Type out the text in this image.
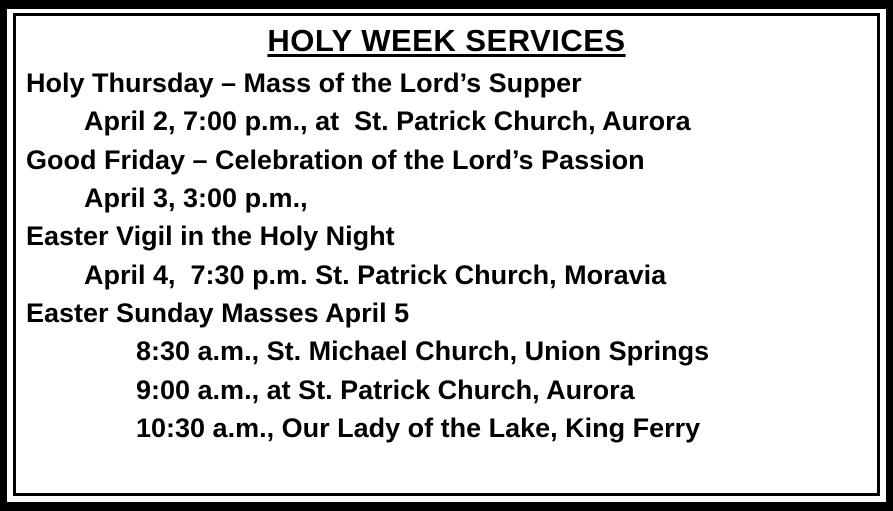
HOLY WEEK SERVICES
Holy Thursday – Mass of the Lord’s Supper
April 2, 7:00 p.m., at  St. Patrick Church, Aurora
Good Friday – Celebration of the Lord’s Passion
April 3, 3:00 p.m.,
Easter Vigil in the Holy Night
April 4,  7:30 p.m. St. Patrick Church, Moravia
Easter Sunday Masses April 5
8:30 a.m., St. Michael Church, Union Springs
9:00 a.m., at St. Patrick Church, Aurora
10:30 a.m., Our Lady of the Lake, King Ferry
